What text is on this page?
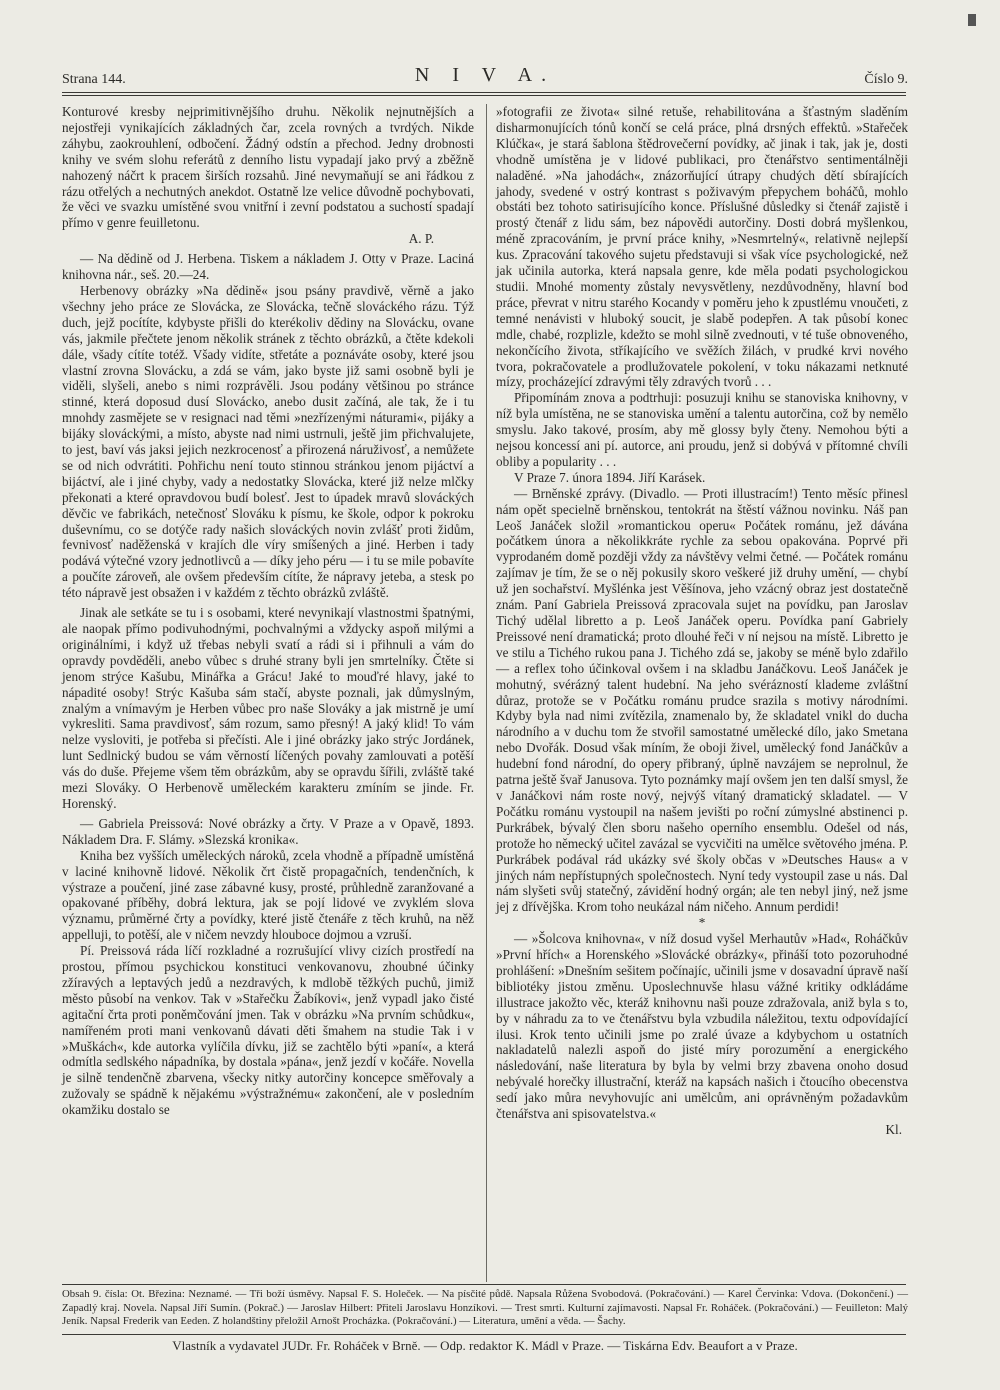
Strana 144.	N I V A.	Číslo 9.

Konturové kresby nejprimitivnějšího druhu. Několik nejnutnějších a nejostřeji vynikajících základných čar, zcela rovných a tvrdých. Nikde záhybu, zaokrouhlení, odbočení. Žádný odstín a přechod. Jedny drobnosti knihy ve svém slohu referátů z denního listu vypadají jako prvý a zběžně nahozený náčrt k pracem širších rozsahů. Jiné nevymaňují se ani řádkou z rázu otřelých a nechutných anekdot. Ostatně lze velice důvodně pochybovati, že věci ve svazku umístěné svou vnitřní i zevní podstatou a suchostí spadají přímo v genre feuilletonu.

A. P.

— Na dědině od J. Herbena. Tiskem a nákladem J. Otty v Praze. Laciná knihovna nár., seš. 20.—24.

Herbenovy obrázky »Na dědině« jsou psány pravdivě, věrně a jako všechny jeho práce ze Slovácka, ze Slovácka, tečně slováckého rázu. Týž duch, jejž pocítíte, kdybyste přišli do kterékoliv dědiny na Slovácku, ovane vás, jakmile přečtete jenom několik stránek z těchto obrázků, a čtěte kdekoli dále, všady cítíte totéž. Všady vidíte, střetáte a poznáváte osoby, které jsou vlastní zrovna Slovácku, a zdá se vám, jako byste již sami osobně byli je viděli, slyšeli, anebo s nimi rozprávěli. Jsou podány většinou po stránce stinné, která doposud dusí Slovácko, anebo dusit začíná, ale tak, že i tu mnohdy zasmějete se v resignaci nad těmi »nezřízenými náturami«, pijáky a bijáky slováckými, a místo, abyste nad nimi ustrnuli, ještě jim přichvalujete, to jest, baví vás jaksi jejich nezkrocenosť a přirozená náruživosť, a nemůžete se od nich odvrátiti. Pohřichu není touto stinnou stránkou jenom pijáctví a bijáctví, ale i jiné chyby, vady a nedostatky Slovácka, které již nelze mlčky překonati a které opravdovou budí bolesť. Jest to úpadek mravů slováckých děvčic ve fabrikách, netečnosť Slováku k písmu, ke škole, odpor k pokroku duševnímu, co se dotýče rady našich slováckých novin zvlášť proti židům, fevnivosť naděženská v krajích dle víry smíšených a jiné. Herben i tady podává výtečné vzory jednotlivců a — díky jeho péru — i tu se mile pobavíte a poučíte zároveň, ale ovšem především cítíte, že nápravy jeteba, a stesk po této nápravě jest obsažen i v každém z těchto obrázků zvláště.

Jinak ale setkáte se tu i s osobami, které nevynikají vlastnostmi špatnými, ale naopak přímo podivuhodnými, pochvalnými a vždycky aspoň milými a originálními, i když už třebas nebyli svatí a rádi si i přihnuli a vám do opravdy povděděli, anebo vůbec s druhé strany byli jen smrtelníky. Čtěte si jenom strýce Kašubu, Minářka a Grácu! Jaké to mouďré hlavy, jaké to nápadité osoby! Strýc Kašuba sám stačí, abyste poznali, jak důmyslným, znalým a vnímavým je Herben vůbec pro naše Slováky a jak mistrně je umí vykresliti. Sama pravdivosť, sám rozum, samo přesný! A jaký klid! To vám nelze vysloviti, je potřeba si přečísti. Ale i jiné obrázky jako strýc Jordánek, lunt Sedlnický budou se vám věrností líčených povahy zamlouvati a potěší vás do duše. Přejeme všem těm obrázkům, aby se opravdu šířili, zvláště také mezi Slováky. O Herbenově uměleckém karakteru zmíním se jinde. Fr. Horenský.

— Gabriela Preissová: Nové obrázky a črty. V Praze a v Opavě, 1893. Nákladem Dra. F. Slámy. »Slezská kronika«.

Kniha bez vyšších uměleckých nároků, zcela vhodně a případně umístěná v laciné knihovně lidové. Několik črt čistě propagačních, tendenčních, k výstraze a poučení, jiné zase zábavné kusy, prosté, průhledně zaranžované a opakované příběhy, dobrá lektura, jak se pojí lidové ve zvyklém slova významu, průměrné črty a povídky, které jistě čtenáře z těch kruhů, na něž appelluji, to potěší, ale v ničem nevzdy hlouboce dojmou a vzruší.

Pí. Preissová ráda líčí rozkladné a rozrušující vlivy cizích prostředí na prostou, přímou psychickou konstituci venkovanovu, zhoubné účinky zžíravých a leptavých jedů a nezdravých, k mdlobě těžkých puchů, jimiž město působí na venkov. Tak v »Stařečku Žabíkovi«, jenž vypadl jako čisté agitační črta proti poněmčování jmen. Tak v obrázku »Na prvním schůdku«, namířeném proti mani venkovanů dávati děti šmahem na studie Tak i v »Muškách«, kde autorka vylíčila dívku, již se zachtělo býti »paní«, a která odmítla sedlského nápadníka, by dostala »pána«, jenž jezdí v kočáře. Novella je silně tendenčně zbarvena, všecky nitky autorčiny koncepce směřovaly a zužovaly se spádně k nějakému »výstražnému« zakončení, ale v posledním okamžiku dostalo se

»fotografii ze života« silné retuše, rehabilitována a šťastným sladěním disharmonujících tónů končí se celá práce, plná drsných effektů. »Stařeček Klúčka«, je stará šablona štědrovečerní povídky, ač jinak i tak, jak je, dosti vhodně umístěna je v lidové publikaci, pro čtenářstvo sentimentálněji naladěné. »Na jahodách«, znázorňující útrapy chudých dětí sbírajících jahody, svedené v ostrý kontrast s poživavým přepychem boháčů, mohlo obstáti bez tohoto satirisujícího konce. Příslušné důsledky si čtenář zajistě i prostý čtenář z lidu sám, bez nápovědi autorčiny. Dosti dobrá myšlenkou, méně zpracováním, je první práce knihy, »Nesmrtelný«, relativně nejlepší kus. Zpracování takového sujetu představuji si však více psychologické, než jak učinila autorka, která napsala genre, kde měla podati psychologickou studii. Mnohé momenty zůstaly nevysvětleny, nezdůvodněny, hlavní bod práce, převrat v nitru starého Kocandy v poměru jeho k zpustlému vnoučeti, z temné nenávisti v hluboký soucit, je slabě podepřen. A tak působí konec mdle, chabé, rozplizle, kdežto se mohl silně zvednouti, v té tuše obnoveného, nekončícího života, stříkajícího ve svěžích žilách, v prudké krvi nového tvora, pokračovatele a prodlužovatele pokolení, v toku nákazami netknuté mízy, procházející zdravými těly zdravých tvorů . . .

Připomínám znova a podtrhuji: posuzuji knihu se stanoviska knihovny, v níž byla umístěna, ne se stanoviska umění a talentu autorčina, což by nemělo smyslu. Jako takové, prosím, aby mě glossy byly čteny. Nemohou býti a nejsou koncessí ani pí. autorce, ani proudu, jenž si dobývá v přítomné chvíli obliby a popularity . . .

V Praze 7. února 1894. Jiří Karásek.

— Brněnské zprávy. (Divadlo. — Proti illustracím!) Tento měsíc přinesl nám opět specielně brněnskou, tentokrát na štěstí vážnou novinku. Náš pan Leoš Janáček složil »romantickou operu« Počátek románu, jež dávána počátkem února a několikkráte rychle za sebou opakována. Poprvé při vyprodaném domě později vždy za návštěvy velmi četné. — Počátek románu zajímav je tím, že se o něj pokusily skoro veškeré již druhy umění, — chybí už jen sochařství. Myšlénka jest Věšínova, jeho vzácný obraz jest dostatečně znám. Paní Gabriela Preissová zpracovala sujet na povídku, pan Jaroslav Tichý udělal libretto a p. Leoš Janáček operu. Povídka paní Gabriely Preissové není dramatická; proto dlouhé řeči v ní nejsou na místě. Libretto je ve stilu a Tichého rukou pana J. Tichého zdá se, jakoby se méně bylo zdařilo — a reflex toho účinkoval ovšem i na skladbu Janáčkovu. Leoš Janáček je mohutný, svérázný talent hudební. Na jeho svérázností klademe zvláštní důraz, protože se v Počátku románu prudce srazila s motivy národními. Kdyby byla nad nimi zvítězila, znamenalo by, že skladatel vnikl do ducha národního a v duchu tom že stvořil samostatné umělecké dílo, jako Smetana nebo Dvořák. Dosud však míním, že oboji živel, umělecký fond Janáčkův a hudební fond národní, do opery přibraný, úplně navzájem se neprolnul, že patrna ještě švař Janusova. Tyto poznámky mají ovšem jen ten další smysl, že v Janáčkovi nám roste nový, nejvýš vítaný dramatický skladatel. — V Počátku románu vystoupil na našem jevišti po roční zúmyslné abstinenci p. Purkrábek, bývalý člen sboru našeho operního ensemblu. Odešel od nás, protože ho německý učitel zavázal se vycvičiti na umělce světového jména. P. Purkrábek podával rád ukázky své školy občas v »Deutsches Haus« a v jiných nám nepřístupných společnostech. Nyní tedy vystoupil zase u nás. Dal nám slyšeti svůj statečný, závidění hodný orgán; ale ten nebyl jiný, než jsme jej z dřívějška. Krom toho neukázal nám ničeho. Annum perdidi!

*

— »Šolcova knihovna«, v níž dosud vyšel Merhautův »Had«, Roháčkův »První hřích« a Horenského »Slovácké obrázky«, přináší toto pozoruhodné prohlášení: »Dnešním sešitem počínajíc, učinili jsme v dosavadní úpravě naší bibliotéky jistou změnu. Uposlechnuvše hlasu vážné kritiky odkládáme illustrace jakožto věc, kteráž knihovnu naši pouze zdražovala, aniž byla s to, by v náhradu za to ve čtenářstvu byla vzbudila náležitou, textu odpovídající ilusi. Krok tento učinili jsme po zralé úvaze a kdybychom u ostatních nakladatelů nalezli aspoň do jisté míry porozumění a energického následování, naše literatura by byla by velmi brzy zbavena onoho dosud nebývalé horečky illustrační, kteráž na kapsách našich i čtoucího obecenstva sedí jako můra nevyhovujíc ani umělcům, ani oprávněným požadavkům čtenářstva ani spisovatelstva.«

Kl.

Obsah 9. čísla: Ot. Březina: Neznamé. — Tři boží úsměvy. Napsal F. S. Holeček. — Na písčité půdě. Napsala Růžena Svobodová. (Pokračování.) — Karel Červinka: Vdova. (Dokončení.) — Zapadlý kraj. Novela. Napsal Jiří Sumín. (Pokrač.) — Jaroslav Hilbert: Přiteli Jaroslavu Honzíkovi. — Trest smrti. Kulturní zajímavosti. Napsal Fr. Roháček. (Pokračování.) — Feuilleton: Malý Jeník. Napsal Frederik van Eeden. Z holandštiny přeložil Arnošt Procházka. (Pokračování.) — Literatura, umění a věda. — Šachy.
Vlastník a vydavatel JUDr. Fr. Roháček v Brně. — Odp. redaktor K. Mádl v Praze. — Tiskárna Edv. Beaufort a v Praze.
